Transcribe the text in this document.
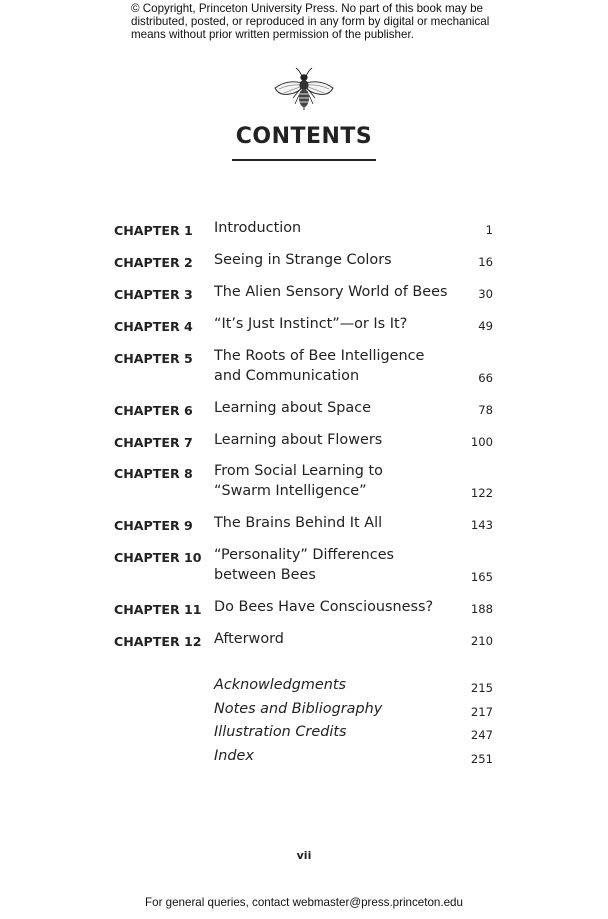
© Copyright, Princeton University Press. No part of this book may be
distributed, posted, or reproduced in any form by digital or mechanical
means without prior written permission of the publisher.
CONTENTS
CHAPTER 1 Introduction	1
CHAPTER 2 Seeing in Strange Colors	16
CHAPTER 3 The Alien Sensory World of Bees	30
CHAPTER 4 “It’s Just Instinct”—or Is It?	49
CHAPTER 5 The Roots of Bee Intelligence
and Communication	66
CHAPTER 6 Learning about Space	78
CHAPTER 7 Learning about Flowers	100
CHAPTER 8 From Social Learning to
“Swarm Intelligence”	122
CHAPTER 9 The Brains Behind It All	143
CHAPTER 10 “Personality” Differences
between Bees	165
CHAPTER 11 Do Bees Have Consciousness?	188
CHAPTER 12 Afterword	210
Acknowledgments	215
Notes and Bibliography	217
Illustration Credits	247
Index	251
vii
For general queries, contact webmaster@press.princeton.edu
